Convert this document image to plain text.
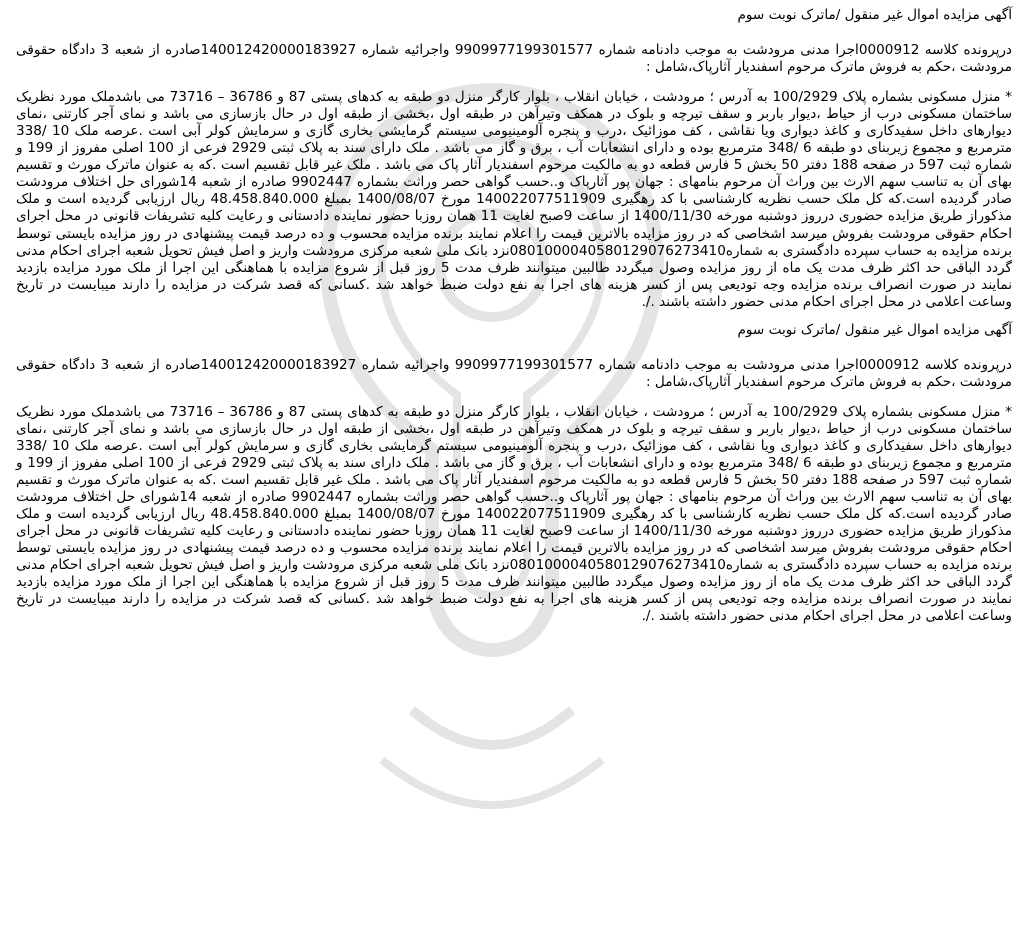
آگهی مزایده اموال غیر منقول /ماترک نوبت سوم

درپرونده کلاسه 0000912اجرا مدنی مرودشت به موجب دادنامه شماره 9909977199301577 واجرائیه شماره 140012420000183927صادره از شعبه 3 دادگاه حقوقی مرودشت ،حکم به فروش ماترک مرحوم اسفندیار آثارپاک،شامل :

* منزل مسکونی بشماره پلاک 100/2929 به آدرس ؛ مرودشت ، خیابان انقلاب ، بلوار کارگر منزل دو طبقه به کدهای پستی 87 و 36786 – 73716 می باشدملک مورد نظریک ساختمان مسکونی درب از حیاط ،دیوار باربر و سقف تیرچه و بلوک در همکف وتیرآهن در طبقه اول ،بخشی از طبقه اول در حال بازسازی می باشد و نمای آجر کارتنی ،نمای دیوارهای داخل سفیدکاری و کاغذ دیواری ویا نقاشی ، کف موزائیک ،درب و پنجره آلومینیومی سیستم گرمایشی بخاری گازی و سرمایش کولر آبی است .عرصه ملک 10 /338 مترمربع و مجموع زیربنای دو طبقه 6 /348 مترمربع بوده و دارای انشعابات آب ، برق و گاز می باشد . ملک دارای سند به پلاک ثبتی 2929 فرعی از 100 اصلی مفروز از 199 و شماره ثبت 597 در صفحه 188 دفتر 50 بخش 5 فارس قطعه دو به مالکیت مرحوم اسفندیار آثار پاک می باشد . ملک غیر قابل تقسیم است .که به عنوان ماترک مورث و تقسیم بهای آن به تناسب سهم الارث بین وراث آن مرحوم بنامهای : جهان پور آثارپاک و..حسب گواهی حصر وراثت بشماره 9902447 صادره از شعبه 14شورای حل اختلاف مرودشت صادر گردیده است.که کل ملک حسب نظریه کارشناسی با کد رهگیری 140022077511909 مورخ 1400/08/07 بمبلغ 48.458.840.000 ریال ارزیابی گردیده است و ملک مذکوراز طریق مزایده حضوری درروز دوشنبه مورخه 1400/11/30 از ساعت 9صبح لغایت 11 همان روزبا حضور نماینده دادستانی و رعایت کلیه تشریفات قانونی در محل اجرای احکام حقوقی مرودشت بفروش میرسد اشخاصی که در روز مزایده بالاترین قیمت را اعلام نمایند برنده مزایده محسوب و ده درصد قیمت پیشنهادی در روز مزایده بایستی توسط برنده مزایده به حساب سپرده دادگستری به شماره0801000040580129076273410نزد بانک ملی شعبه مرکزی مرودشت واریز و اصل فیش تحویل شعبه اجرای احکام مدنی گردد الباقی حد اکثر ظرف مدت یک ماه از روز مزایده وصول میگردد طالبین میتوانند ظرف مدت 5 روز قبل از شروع مزایده با هماهنگی این اجرا از ملک مورد مزایده بازدید نمایند در صورت انصراف برنده مزایده وجه تودیعی پس از کسر هزینه های اجرا به نفع دولت ضبط خواهد شد .کسانی که قصد شرکت در مزایده را دارند میبایست در تاریخ وساعت اعلامی در محل اجرای احکام مدنی حضور داشته باشند ./.

آگهی مزایده اموال غیر منقول /ماترک نوبت سوم

درپرونده کلاسه 0000912اجرا مدنی مرودشت به موجب دادنامه شماره 9909977199301577 واجرائیه شماره 140012420000183927صادره از شعبه 3 دادگاه حقوقی مرودشت ،حکم به فروش ماترک مرحوم اسفندیار آثارپاک،شامل :

* منزل مسکونی بشماره پلاک 100/2929 به آدرس ؛ مرودشت ، خیابان انقلاب ، بلوار کارگر منزل دو طبقه به کدهای پستی 87 و 36786 – 73716 می باشدملک مورد نظریک ساختمان مسکونی درب از حیاط ،دیوار باربر و سقف تیرچه و بلوک در همکف وتیرآهن در طبقه اول ،بخشی از طبقه اول در حال بازسازی می باشد و نمای آجر کارتنی ،نمای دیوارهای داخل سفیدکاری و کاغذ دیواری ویا نقاشی ، کف موزائیک ،درب و پنجره آلومینیومی سیستم گرمایشی بخاری گازی و سرمایش کولر آبی است .عرصه ملک 10 /338 مترمربع و مجموع زیربنای دو طبقه 6 /348 مترمربع بوده و دارای انشعابات آب ، برق و گاز می باشد . ملک دارای سند به پلاک ثبتی 2929 فرعی از 100 اصلی مفروز از 199 و شماره ثبت 597 در صفحه 188 دفتر 50 بخش 5 فارس قطعه دو به مالکیت مرحوم اسفندیار آثار پاک می باشد . ملک غیر قابل تقسیم است .که به عنوان ماترک مورث و تقسیم بهای آن به تناسب سهم الارث بین وراث آن مرحوم بنامهای : جهان پور آثارپاک و..حسب گواهی حصر وراثت بشماره 9902447 صادره از شعبه 14شورای حل اختلاف مرودشت صادر گردیده است.که کل ملک حسب نظریه کارشناسی با کد رهگیری 140022077511909 مورخ 1400/08/07 بمبلغ 48.458.840.000 ریال ارزیابی گردیده است و ملک مذکوراز طریق مزایده حضوری درروز دوشنبه مورخه 1400/11/30 از ساعت 9صبح لغایت 11 همان روزبا حضور نماینده دادستانی و رعایت کلیه تشریفات قانونی در محل اجرای احکام حقوقی مرودشت بفروش میرسد اشخاصی که در روز مزایده بالاترین قیمت را اعلام نمایند برنده مزایده محسوب و ده درصد قیمت پیشنهادی در روز مزایده بایستی توسط برنده مزایده به حساب سپرده دادگستری به شماره0801000040580129076273410نزد بانک ملی شعبه مرکزی مرودشت واریز و اصل فیش تحویل شعبه اجرای احکام مدنی گردد الباقی حد اکثر ظرف مدت یک ماه از روز مزایده وصول میگردد طالبین میتوانند ظرف مدت 5 روز قبل از شروع مزایده با هماهنگی این اجرا از ملک مورد مزایده بازدید نمایند در صورت انصراف برنده مزایده وجه تودیعی پس از کسر هزینه های اجرا به نفع دولت ضبط خواهد شد .کسانی که قصد شرکت در مزایده را دارند میبایست در تاریخ وساعت اعلامی در محل اجرای احکام مدنی حضور داشته باشند ./.
